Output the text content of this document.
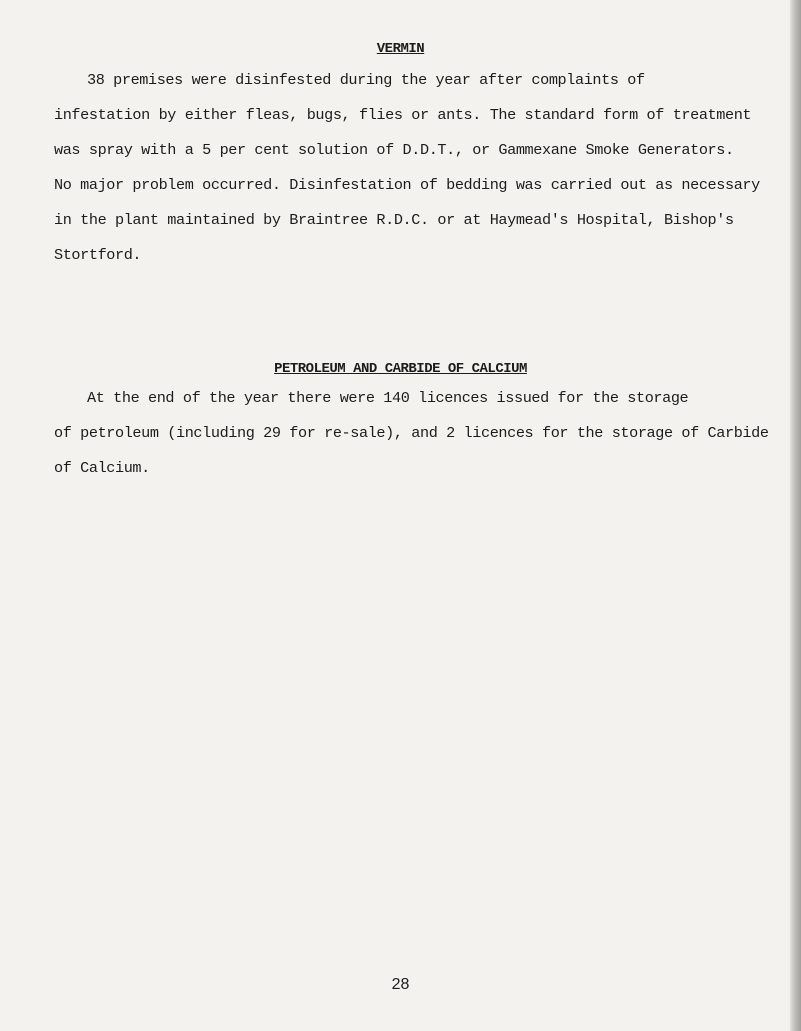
VERMIN
38 premises were disinfested during the year after complaints of
infestation by either fleas, bugs, flies or ants. The standard form of treatment
was spray with a 5 per cent solution of D.D.T., or Gammexane Smoke Generators.
No major problem occurred. Disinfestation of bedding was carried out as necessary
in the plant maintained by Braintree R.D.C. or at Haymead's Hospital, Bishop's
Stortford.
PETROLEUM AND CARBIDE OF CALCIUM
At the end of the year there were 140 licences issued for the storage
of petroleum (including 29 for re-sale), and 2 licences for the storage of Carbide
of Calcium.
28
